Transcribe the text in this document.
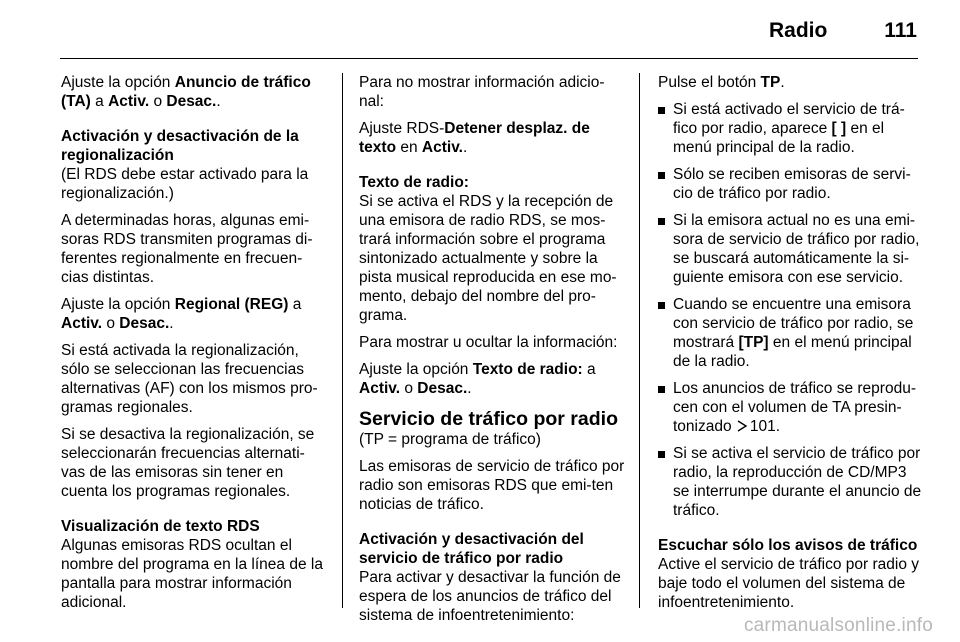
Radio	111

Ajuste la opción Anuncio de tráfico (TA) a Activ. o Desac..

Activación y desactivación de la regionalización

(El RDS debe estar activado para la regionalización.)

A determinadas horas, algunas emi-soras RDS transmiten programas di-ferentes regionalmente en frecuen-cias distintas.

Ajuste la opción Regional (REG) a Activ. o Desac..

Si está activada la regionalización, sólo se seleccionan las frecuencias alternativas (AF) con los mismos pro-gramas regionales.

Si se desactiva la regionalización, se seleccionarán frecuencias alternati-vas de las emisoras sin tener en cuenta los programas regionales.

Visualización de texto RDS

Algunas emisoras RDS ocultan el nombre del programa en la línea de la pantalla para mostrar información adicional.

Para no mostrar información adicio-nal:

Ajuste RDS-Detener desplaz. de texto en Activ..

Texto de radio:

Si se activa el RDS y la recepción de una emisora de radio RDS, se mos-trará información sobre el programa sintonizado actualmente y sobre la pista musical reproducida en ese mo-mento, debajo del nombre del pro-grama.

Para mostrar u ocultar la información:

Ajuste la opción Texto de radio: a Activ. o Desac..

Servicio de tráfico por radio

(TP = programa de tráfico)

Las emisoras de servicio de tráfico por radio son emisoras RDS que emi-ten noticias de tráfico.

Activación y desactivación del servicio de tráfico por radio

Para activar y desactivar la función de espera de los anuncios de tráfico del sistema de infoentretenimiento:

Pulse el botón TP.

Si está activado el servicio de trá-fico por radio, aparece [ ] en el menú principal de la radio.
Sólo se reciben emisoras de servi-cio de tráfico por radio.
Si la emisora actual no es una emi-sora de servicio de tráfico por radio, se buscará automáticamente la si-guiente emisora con ese servicio.
Cuando se encuentre una emisora con servicio de tráfico por radio, se mostrará [TP] en el menú principal de la radio.
Los anuncios de tráfico se reprodu-cen con el volumen de TA presin-tonizado 101.
Si se activa el servicio de tráfico por radio, la reproducción de CD/MP3 se interrumpe durante el anuncio de tráfico.
Escuchar sólo los avisos de tráfico

Active el servicio de tráfico por radio y baje todo el volumen del sistema de infoentretenimiento.

carmanualsonline.info
